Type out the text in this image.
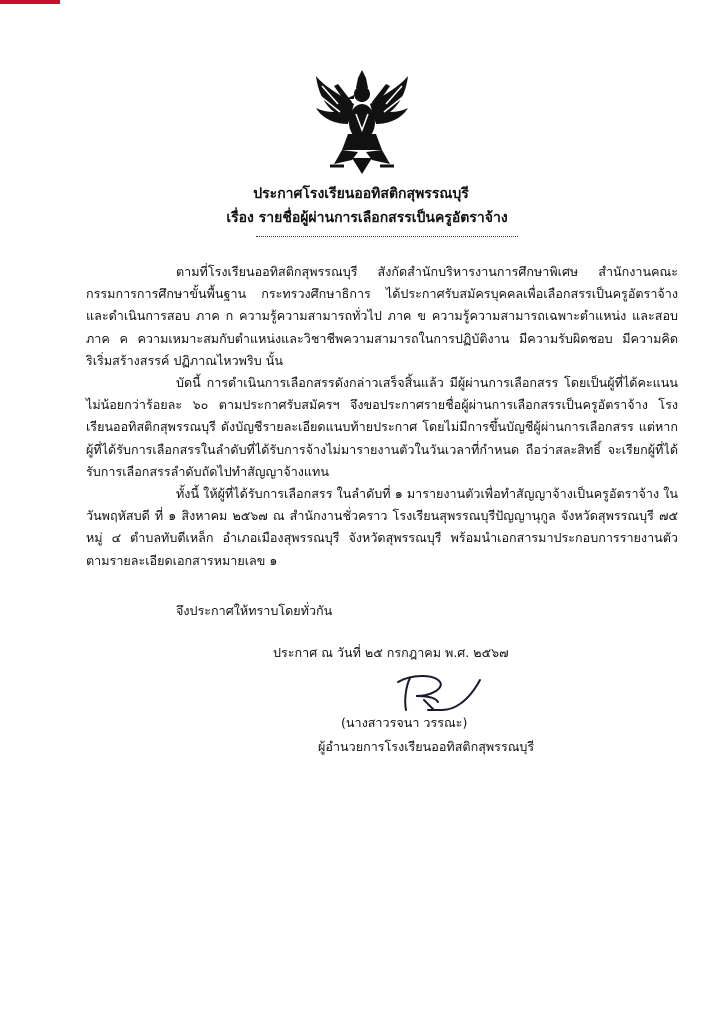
ประกาศโรงเรียนออทิสติกสุพรรณบุรี
เรื่อง รายชื่อผู้ผ่านการเลือกสรรเป็นครูอัตราจ้าง

ตามที่โรงเรียนออทิสติกสุพรรณบุรี สังกัดสำนักบริหารงานการศึกษาพิเศษ สำนักงานคณะกรรมการการศึกษาขั้นพื้นฐาน กระทรวงศึกษาธิการ ได้ประกาศรับสมัครบุคคลเพื่อเลือกสรรเป็นครูอัตราจ้าง และดำเนินการสอบ ภาค ก ความรู้ความสามารถทั่วไป ภาค ข ความรู้ความสามารถเฉพาะตำแหน่ง และสอบภาค ค ความเหมาะสมกับตำแหน่งและวิชาชีพความสามารถในการปฏิบัติงาน มีความรับผิดชอบ มีความคิดริเริ่มสร้างสรรค์ ปฏิภาณไหวพริบ นั้น

บัดนี้ การดำเนินการเลือกสรรดังกล่าวเสร็จสิ้นแล้ว มีผู้ผ่านการเลือกสรร โดยเป็นผู้ที่ได้คะแนนไม่น้อยกว่าร้อยละ ๖๐ ตามประกาศรับสมัครฯ จึงขอประกาศรายชื่อผู้ผ่านการเลือกสรรเป็นครูอัตราจ้าง โรงเรียนออทิสติกสุพรรณบุรี ดังบัญชีรายละเอียดแนบท้ายประกาศ โดยไม่มีการขึ้นบัญชีผู้ผ่านการเลือกสรร แต่หากผู้ที่ได้รับการเลือกสรรในลำดับที่ได้รับการจ้างไม่มารายงานตัวในวันเวลาที่กำหนด ถือว่าสละสิทธิ์ จะเรียกผู้ที่ได้รับการเลือกสรรลำดับถัดไปทำสัญญาจ้างแทน

ทั้งนี้ ให้ผู้ที่ได้รับการเลือกสรร ในลำดับที่ ๑ มารายงานตัวเพื่อทำสัญญาจ้างเป็นครูอัตราจ้าง ในวันพฤหัสบดี ที่ ๑ สิงหาคม ๒๕๖๗ ณ สำนักงานชั่วคราว โรงเรียนสุพรรณบุรีปัญญานุกูล จังหวัดสุพรรณบุรี ๗๕ หมู่ ๔ ตำบลทับตีเหล็ก อำเภอเมืองสุพรรณบุรี จังหวัดสุพรรณบุรี พร้อมนำเอกสารมาประกอบการรายงานตัว ตามรายละเอียดเอกสารหมายเลข ๑

จึงประกาศให้ทราบโดยทั่วกัน
ประกาศ ณ วันที่ ๒๕ กรกฎาคม พ.ศ. ๒๕๖๗
(นางสาวรจนา วรรณะ)
ผู้อำนวยการโรงเรียนออทิสติกสุพรรณบุรี
